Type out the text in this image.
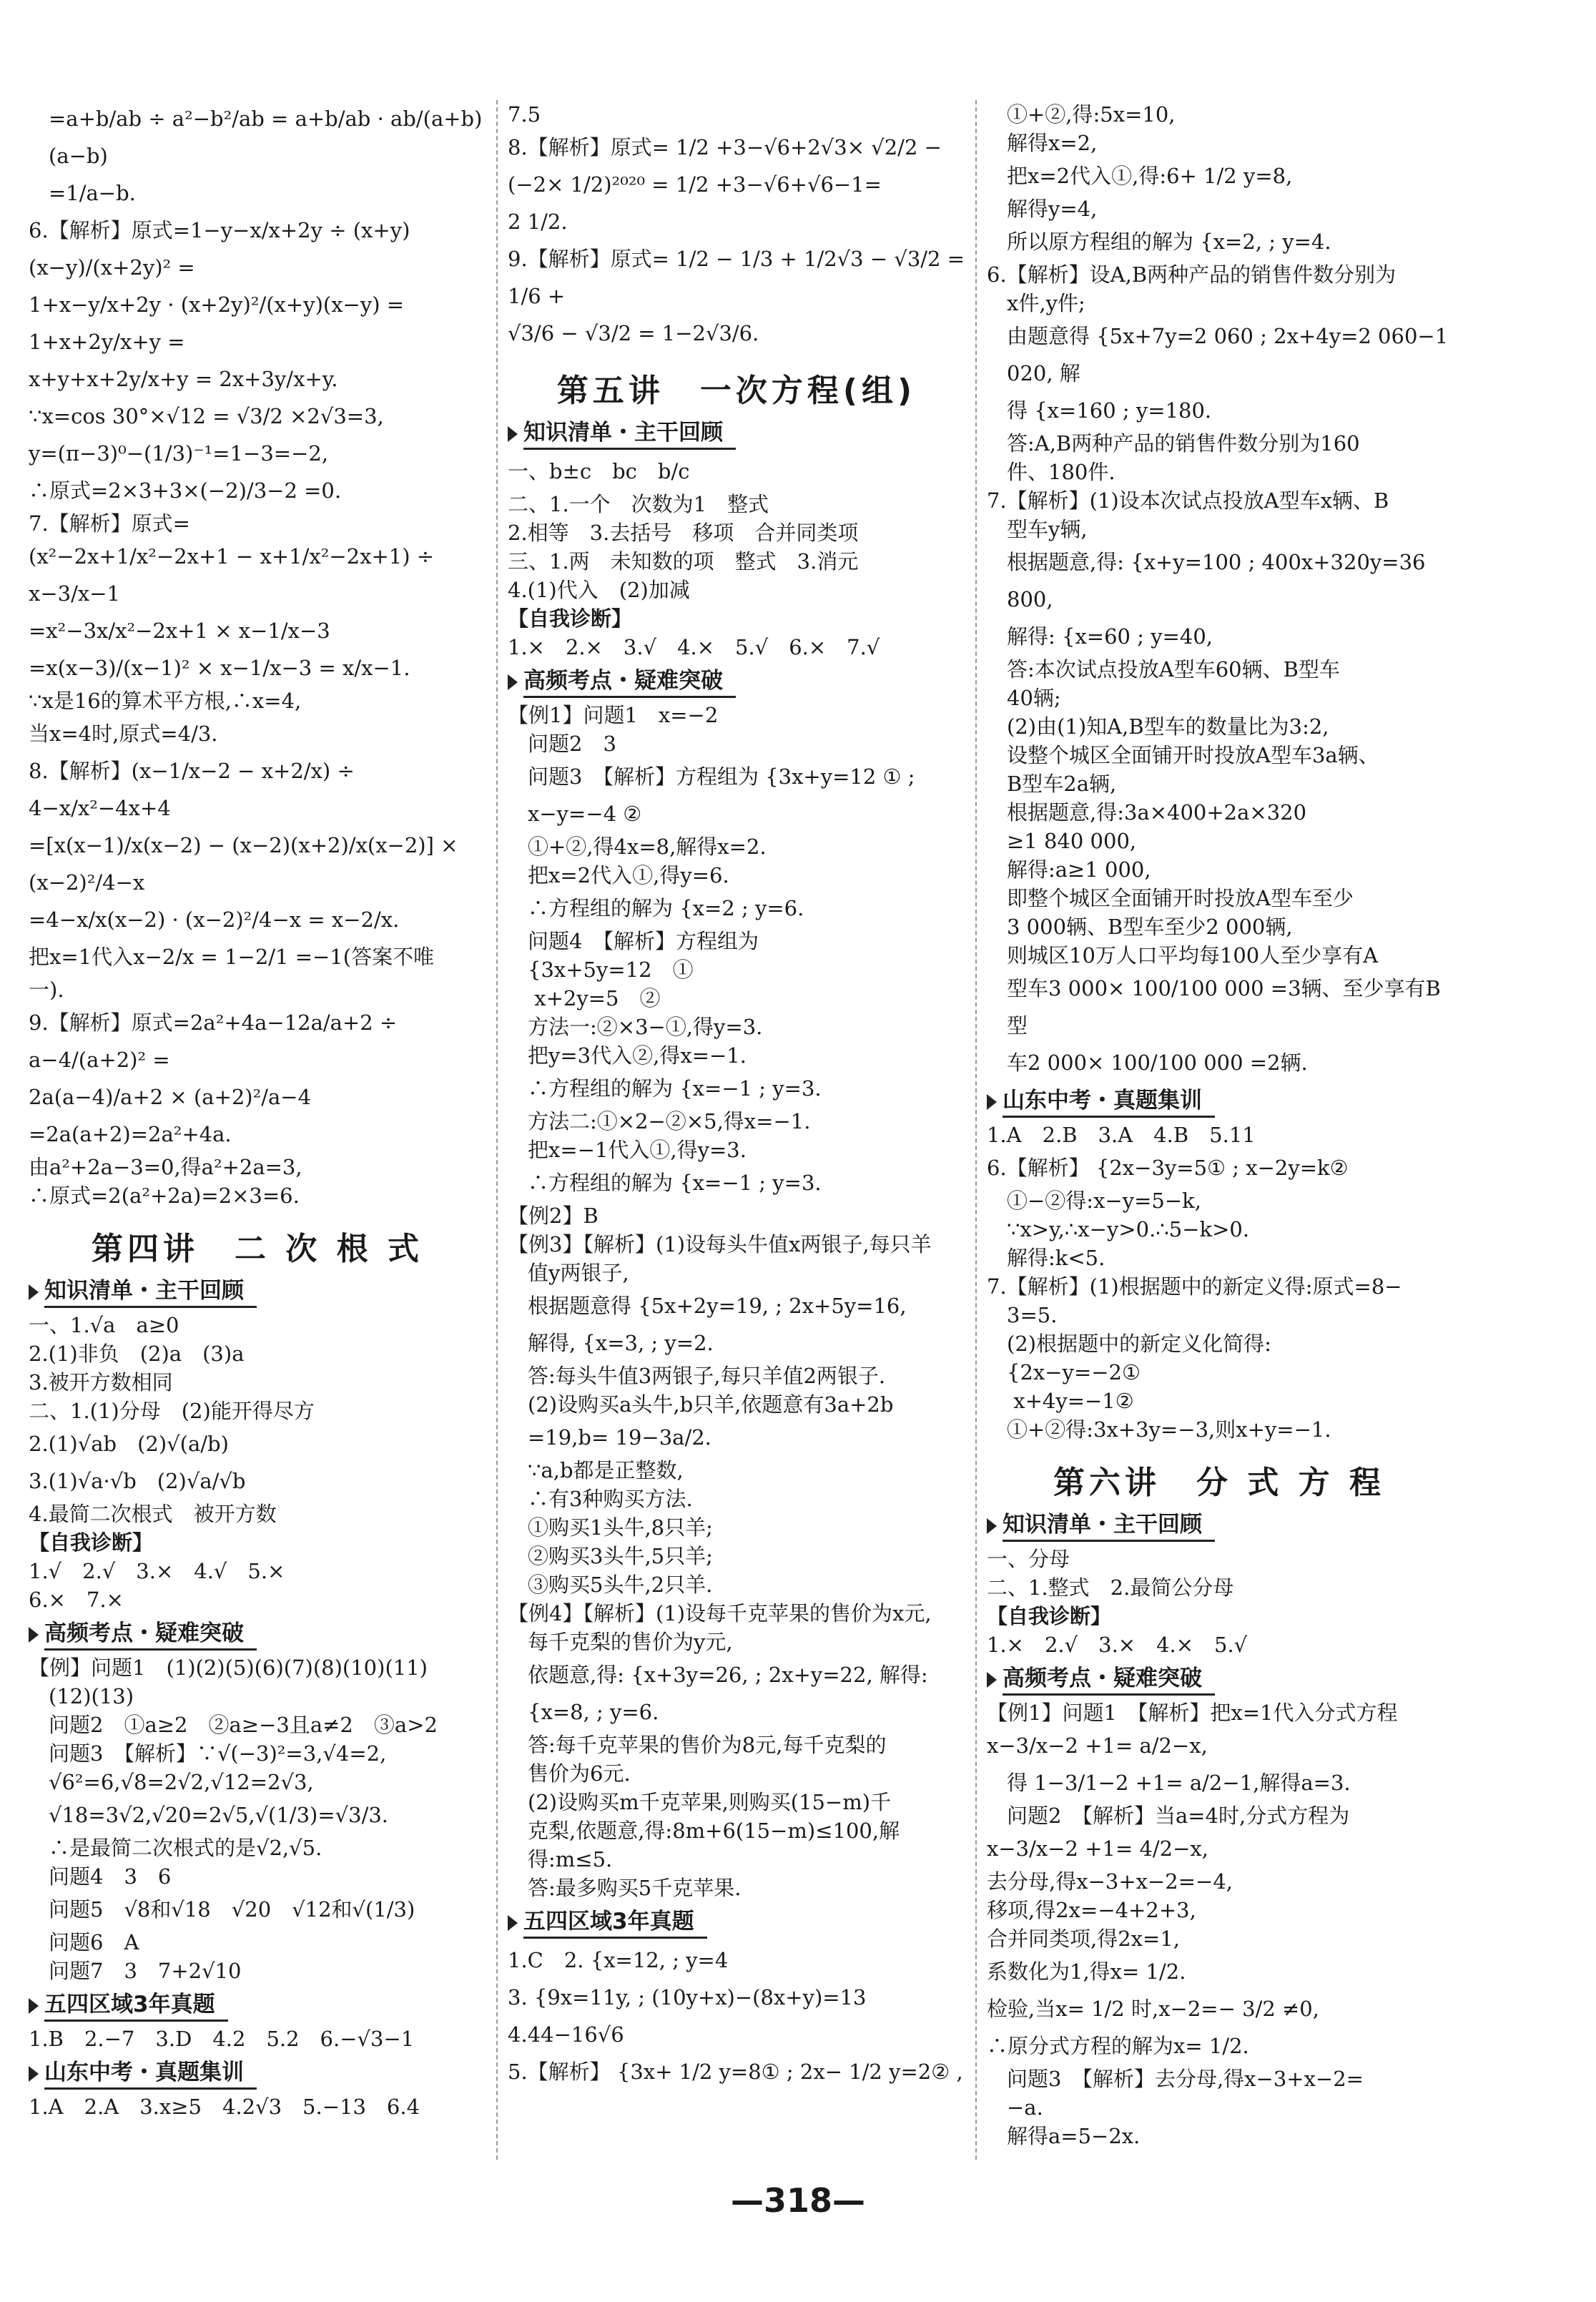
=a+b/ab ÷ a²−b²/ab = a+b/ab · ab/(a+b)(a−b)

=1/a−b.

6.【解析】原式=1−y−x/x+2y ÷ (x+y)(x−y)/(x+2y)² =

1+x−y/x+2y · (x+2y)²/(x+y)(x−y) = 1+x+2y/x+y =

x+y+x+2y/x+y = 2x+3y/x+y.

∵x=cos 30°×√12 = √3/2 ×2√3=3,

y=(π−3)⁰−(1/3)⁻¹=1−3=−2,

∴原式=2×3+3×(−2)/3−2 =0.

7.【解析】原式=

(x²−2x+1/x²−2x+1 − x+1/x²−2x+1) ÷ x−3/x−1

=x²−3x/x²−2x+1 × x−1/x−3

=x(x−3)/(x−1)² × x−1/x−3 = x/x−1.

∵x是16的算术平方根,∴x=4,

当x=4时,原式=4/3.

8.【解析】(x−1/x−2 − x+2/x) ÷ 4−x/x²−4x+4

=[x(x−1)/x(x−2) − (x−2)(x+2)/x(x−2)] × (x−2)²/4−x

=4−x/x(x−2) · (x−2)²/4−x = x−2/x.

把x=1代入x−2/x = 1−2/1 =−1(答案不唯

一).

9.【解析】原式=2a²+4a−12a/a+2 ÷ a−4/(a+2)² =

2a(a−4)/a+2 × (a+2)²/a−4 =2a(a+2)=2a²+4a.

由a²+2a−3=0,得a²+2a=3,

∴原式=2(a²+2a)=2×3=6.

第四讲　二 次 根 式
知识清单・主干回顾

一、1.√a　a≥0

2.(1)非负　(2)a　(3)a

3.被开方数相同

二、1.(1)分母　(2)能开得尽方

2.(1)√ab　(2)√(a/b)

3.(1)√a·√b　(2)√a/√b

4.最简二次根式　被开方数

【自我诊断】

1.√　2.√　3.×　4.√　5.×

6.×　7.×

高频考点・疑难突破

【例】问题1　(1)(2)(5)(6)(7)(8)(10)(11)

(12)(13)

问题2　①a≥2　②a≥−3且a≠2　③a>2

问题3　【解析】∵√(−3)²=3,√4=2,

√6²=6,√8=2√2,√12=2√3,

√18=3√2,√20=2√5,√(1/3)=√3/3.

∴是最简二次根式的是√2,√5.

问题4　3　6

问题5　√8和√18　√20　√12和√(1/3)

问题6　A

问题7　3　7+2√10

五四区域3年真题

1.B　2.−7　3.D　4.2　5.2　6.−√3−1

山东中考・真题集训

1.A　2.A　3.x≥5　4.2√3　5.−13　6.4

7.5

8.【解析】原式= 1/2 +3−√6+2√3× √2/2 −

(−2× 1/2)²⁰²⁰ = 1/2 +3−√6+√6−1=

2 1/2.

9.【解析】原式= 1/2 − 1/3 + 1/2√3 − √3/2 = 1/6 +

√3/6 − √3/2 = 1−2√3/6.

第五讲　一次方程(组)
知识清单・主干回顾

一、b±c　bc　b/c

二、1.一个　次数为1　整式

2.相等　3.去括号　移项　合并同类项

三、1.两　未知数的项　整式　3.消元

4.(1)代入　(2)加减

【自我诊断】

1.×　2.×　3.√　4.×　5.√　6.×　7.√

高频考点・疑难突破

【例1】问题1　x=−2

问题2　3

问题3　【解析】方程组为 {3x+y=12 ① ; x−y=−4 ②

①+②,得4x=8,解得x=2.

把x=2代入①,得y=6.

∴方程组的解为 {x=2 ; y=6.

问题4　【解析】方程组为

{3x+5y=12　①

x+2y=5　②

方法一:②×3−①,得y=3.

把y=3代入②,得x=−1.

∴方程组的解为 {x=−1 ; y=3.

方法二:①×2−②×5,得x=−1.

把x=−1代入①,得y=3.

∴方程组的解为 {x=−1 ; y=3.

【例2】B

【例3】【解析】(1)设每头牛值x两银子,每只羊

值y两银子,

根据题意得 {5x+2y=19, ; 2x+5y=16,

解得, {x=3, ; y=2.

答:每头牛值3两银子,每只羊值2两银子.

(2)设购买a头牛,b只羊,依题意有3a+2b

=19,b= 19−3a/2.

∵a,b都是正整数,

∴有3种购买方法.

①购买1头牛,8只羊;

②购买3头牛,5只羊;

③购买5头牛,2只羊.

【例4】【解析】(1)设每千克苹果的售价为x元,

每千克梨的售价为y元,

依题意,得: {x+3y=26, ; 2x+y=22, 解得: {x=8, ; y=6.

答:每千克苹果的售价为8元,每千克梨的

售价为6元.

(2)设购买m千克苹果,则购买(15−m)千

克梨,依题意,得:8m+6(15−m)≤100,解

得:m≤5.

答:最多购买5千克苹果.

五四区域3年真题

1.C　2. {x=12, ; y=4

3. {9x=11y, ; (10y+x)−(8x+y)=13　4.44−16√6

5.【解析】 {3x+ 1/2 y=8① ; 2x− 1/2 y=2② ,

①+②,得:5x=10,

解得x=2,

把x=2代入①,得:6+ 1/2 y=8,

解得y=4,

所以原方程组的解为 {x=2, ; y=4.

6.【解析】设A,B两种产品的销售件数分别为

x件,y件;

由题意得 {5x+7y=2 060 ; 2x+4y=2 060−1 020, 解

得 {x=160 ; y=180.

答:A,B两种产品的销售件数分别为160

件、180件.

7.【解析】(1)设本次试点投放A型车x辆、B

型车y辆,

根据题意,得: {x+y=100 ; 400x+320y=36 800,

解得: {x=60 ; y=40,

答:本次试点投放A型车60辆、B型车

40辆;

(2)由(1)知A,B型车的数量比为3:2,

设整个城区全面铺开时投放A型车3a辆、

B型车2a辆,

根据题意,得:3a×400+2a×320

≥1 840 000,

解得:a≥1 000,

即整个城区全面铺开时投放A型车至少

3 000辆、B型车至少2 000辆,

则城区10万人口平均每100人至少享有A

型车3 000× 100/100 000 =3辆、至少享有B型

车2 000× 100/100 000 =2辆.

山东中考・真题集训

1.A　2.B　3.A　4.B　5.11

6.【解析】 {2x−3y=5① ; x−2y=k②

①−②得:x−y=5−k,

∵x>y,∴x−y>0.∴5−k>0.

解得:k<5.

7.【解析】(1)根据题中的新定义得:原式=8−

3=5.

(2)根据题中的新定义化简得:

{2x−y=−2①

x+4y=−1②

①+②得:3x+3y=−3,则x+y=−1.

第六讲　分 式 方 程
知识清单・主干回顾

一、分母

二、1.整式　2.最简公分母

【自我诊断】

1.×　2.√　3.×　4.×　5.√

高频考点・疑难突破

【例1】问题1　【解析】把x=1代入分式方程

x−3/x−2 +1= a/2−x,

得 1−3/1−2 +1= a/2−1,解得a=3.

问题2　【解析】当a=4时,分式方程为

x−3/x−2 +1= 4/2−x,

去分母,得x−3+x−2=−4,

移项,得2x=−4+2+3,

合并同类项,得2x=1,

系数化为1,得x= 1/2.

检验,当x= 1/2 时,x−2=− 3/2 ≠0,

∴原分式方程的解为x= 1/2.

问题3　【解析】去分母,得x−3+x−2=

−a.

解得a=5−2x.

—318—
